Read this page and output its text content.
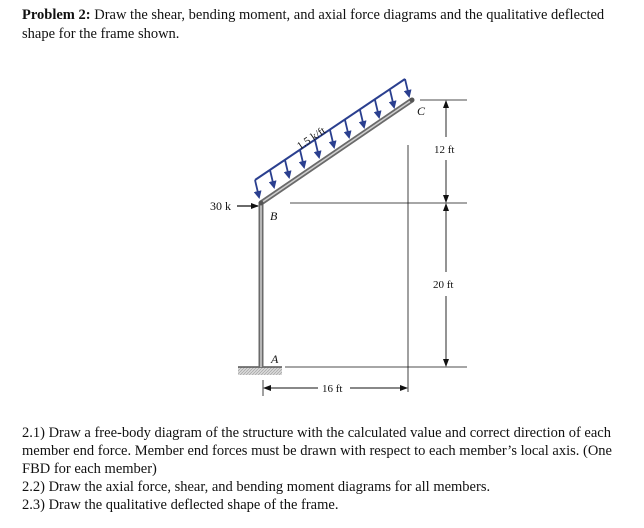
Problem 2: Draw the shear, bending moment, and axial force diagrams and the qualitative deflected shape for the frame shown.
1.5 k/ft
30 k
A
B
C
12 ft
20 ft
16 ft

2.1) Draw a free-body diagram of the structure with the calculated value and correct direction of each member end force. Member end forces must be drawn with respect to each member’s local axis. (One FBD for each member)

2.2) Draw the axial force, shear, and bending moment diagrams for all members.

2.3) Draw the qualitative deflected shape of the frame.
